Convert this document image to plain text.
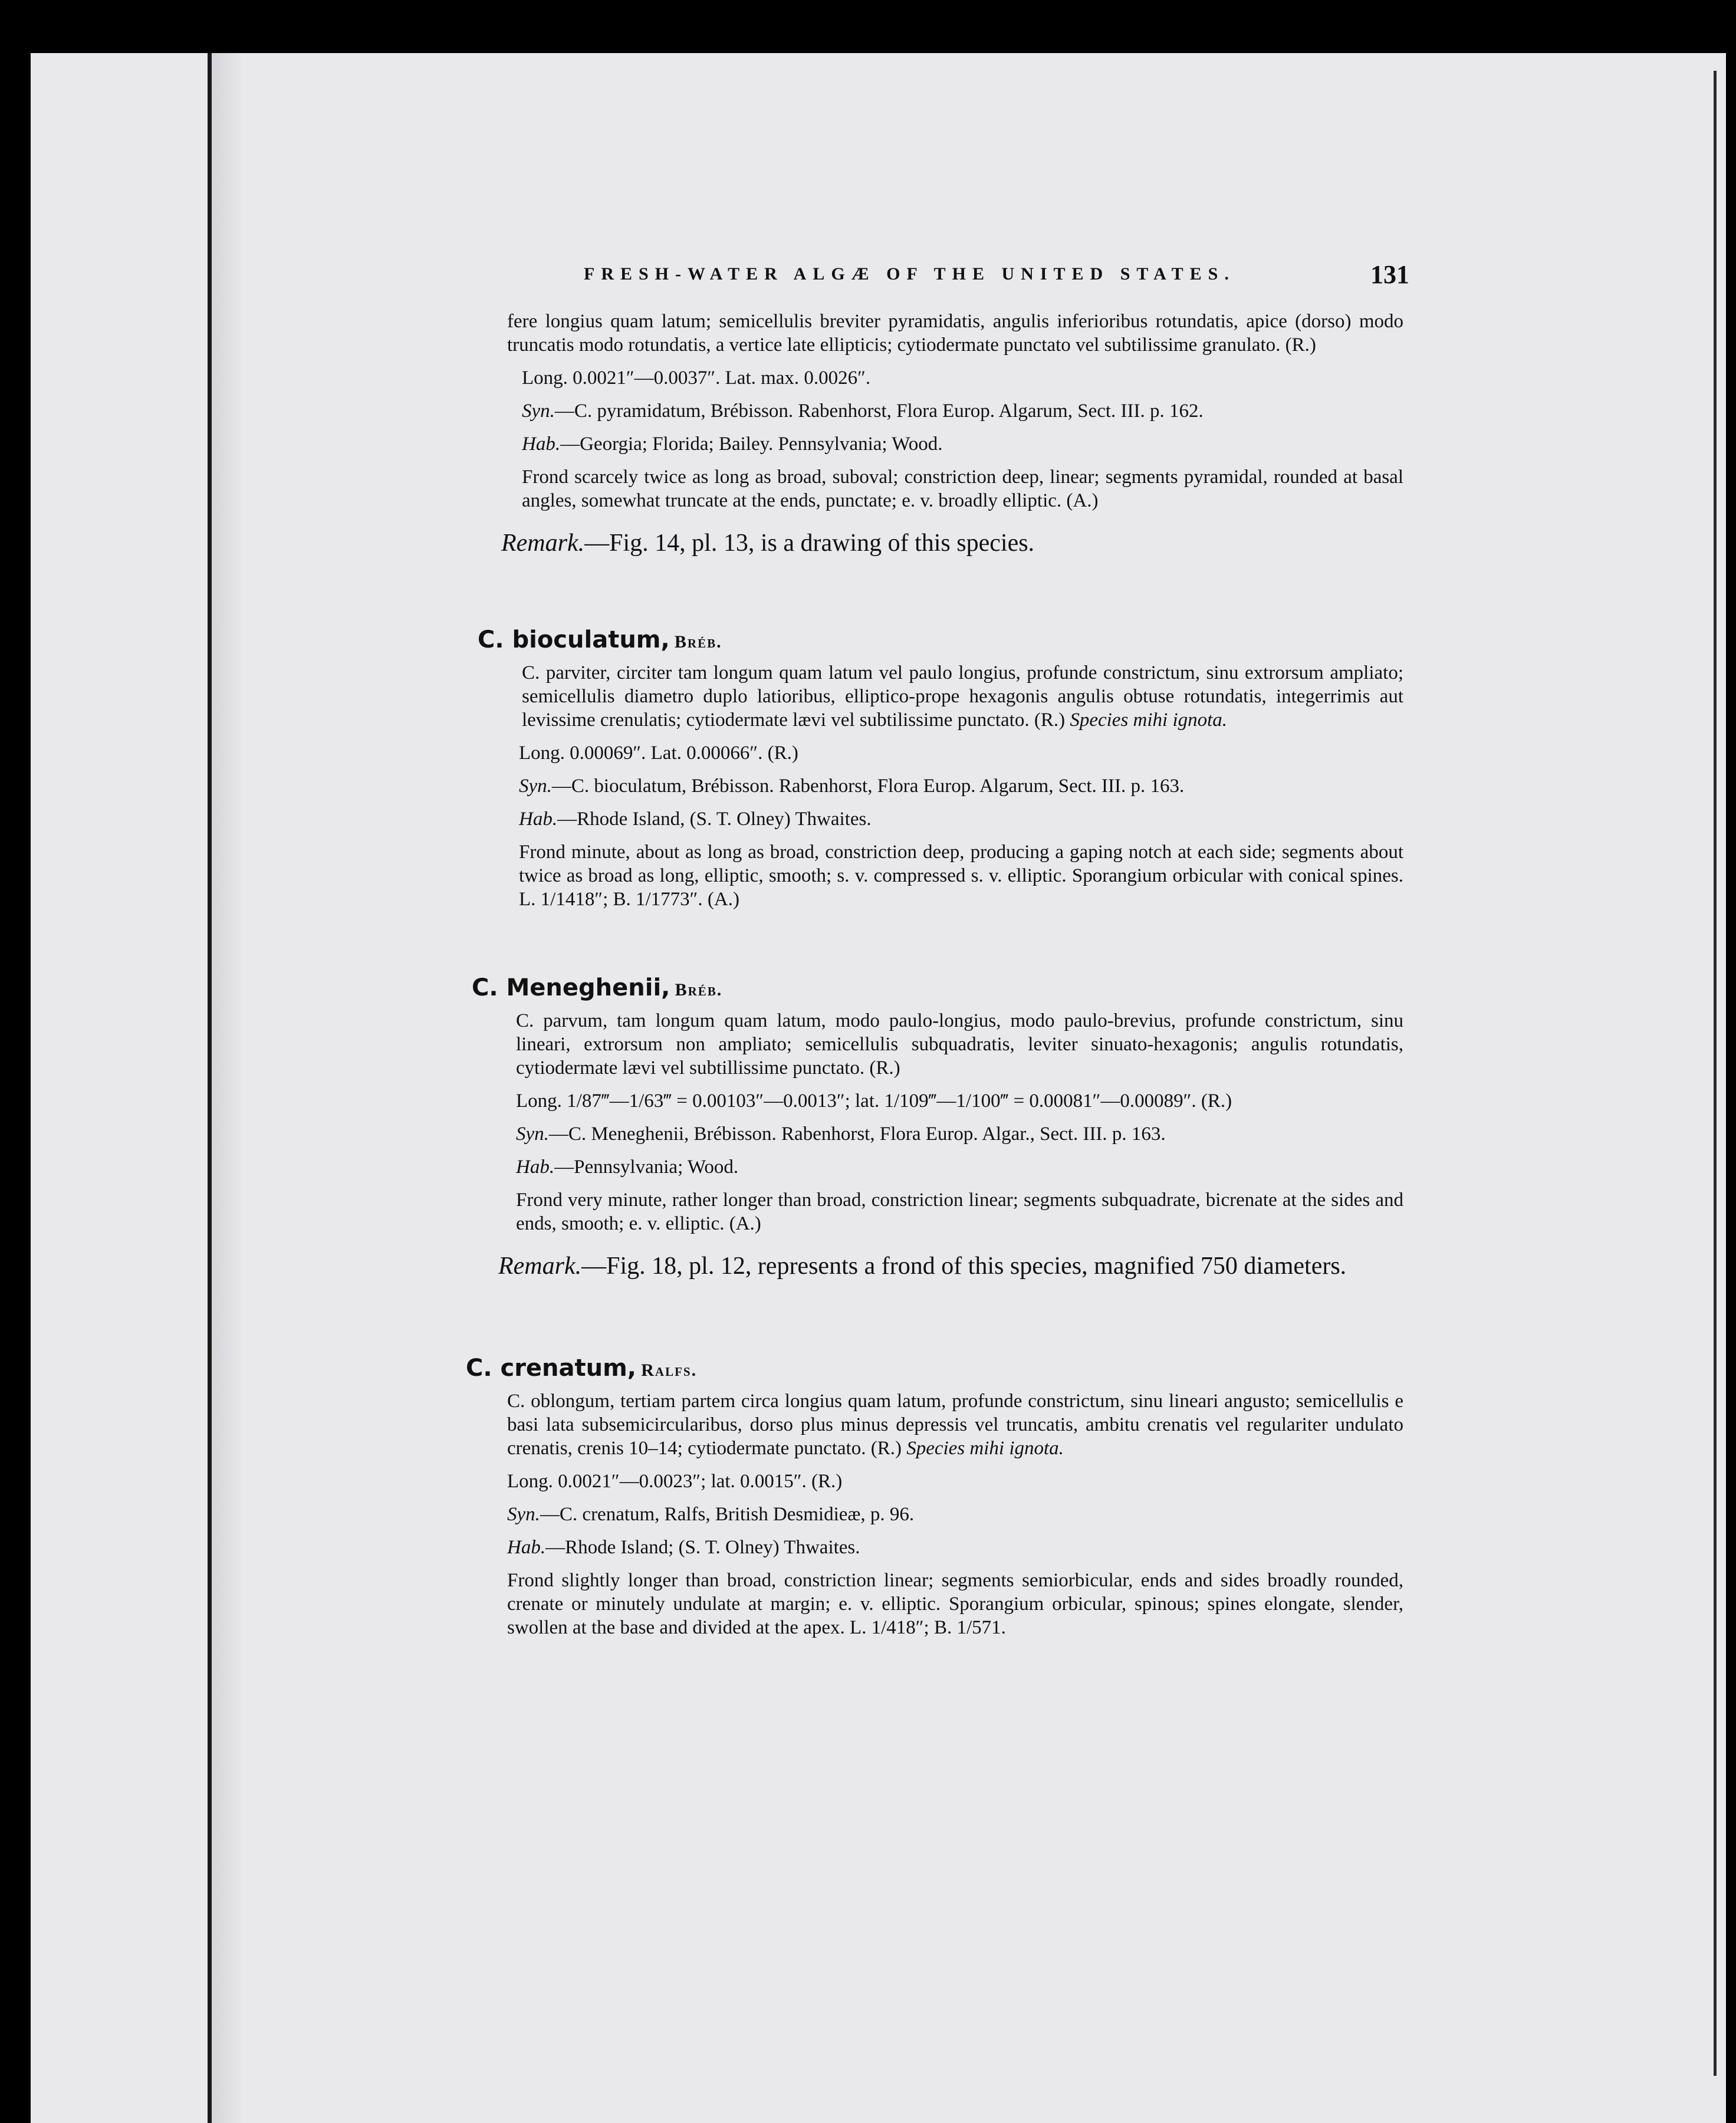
FRESH-WATER ALGÆ OF THE UNITED STATES.	131

fere longius quam latum; semicellulis breviter pyramidatis, angulis inferioribus rotundatis, apice (dorso) modo truncatis modo rotundatis, a vertice late ellipticis; cytiodermate punctato vel subtilissime granulato. (R.)

Long. 0.0021″—0.0037″. Lat. max. 0.0026″.

Syn.—C. pyramidatum, Brébisson. Rabenhorst, Flora Europ. Algarum, Sect. III. p. 162.

Hab.—Georgia; Florida; Bailey. Pennsylvania; Wood.

Frond scarcely twice as long as broad, suboval; constriction deep, linear; segments pyramidal, rounded at basal angles, somewhat truncate at the ends, punctate; e. v. broadly elliptic. (A.)

Remark.—Fig. 14, pl. 13, is a drawing of this species.

C. bioculatum, Bréb.

C. parviter, circiter tam longum quam latum vel paulo longius, profunde constrictum, sinu extrorsum ampliato; semicellulis diametro duplo latioribus, elliptico-prope hexagonis angulis obtuse rotundatis, integerrimis aut levissime crenulatis; cytiodermate lævi vel subtilissime punctato. (R.) Species mihi ignota.

Long. 0.00069″. Lat. 0.00066″. (R.)

Syn.—C. bioculatum, Brébisson. Rabenhorst, Flora Europ. Algarum, Sect. III. p. 163.

Hab.—Rhode Island, (S. T. Olney) Thwaites.

Frond minute, about as long as broad, constriction deep, producing a gaping notch at each side; segments about twice as broad as long, elliptic, smooth; s. v. compressed s. v. elliptic. Sporangium orbicular with conical spines. L. 1/1418″; B. 1/1773″. (A.)

C. Meneghenii, Bréb.

C. parvum, tam longum quam latum, modo paulo-longius, modo paulo-brevius, profunde constrictum, sinu lineari, extrorsum non ampliato; semicellulis subquadratis, leviter sinuato-hexagonis; angulis rotundatis, cytiodermate lævi vel subtillissime punctato. (R.)

Long. 1/87‴—1/63‴ = 0.00103″—0.0013″; lat. 1/109‴—1/100‴ = 0.00081″—0.00089″. (R.)

Syn.—C. Meneghenii, Brébisson. Rabenhorst, Flora Europ. Algar., Sect. III. p. 163.

Hab.—Pennsylvania; Wood.

Frond very minute, rather longer than broad, constriction linear; segments subquadrate, bicrenate at the sides and ends, smooth; e. v. elliptic. (A.)

Remark.—Fig. 18, pl. 12, represents a frond of this species, magnified 750 diameters.

C. crenatum, Ralfs.

C. oblongum, tertiam partem circa longius quam latum, profunde constrictum, sinu lineari angusto; semicellulis e basi lata subsemicircularibus, dorso plus minus depressis vel truncatis, ambitu crenatis vel regulariter undulato crenatis, crenis 10–14; cytiodermate punctato. (R.) Species mihi ignota.

Long. 0.0021″—0.0023″; lat. 0.0015″. (R.)

Syn.—C. crenatum, Ralfs, British Desmidieæ, p. 96.

Hab.—Rhode Island; (S. T. Olney) Thwaites.

Frond slightly longer than broad, constriction linear; segments semiorbicular, ends and sides broadly rounded, crenate or minutely undulate at margin; e. v. elliptic. Sporangium orbicular, spinous; spines elongate, slender, swollen at the base and divided at the apex. L. 1/418″; B. 1/571.
